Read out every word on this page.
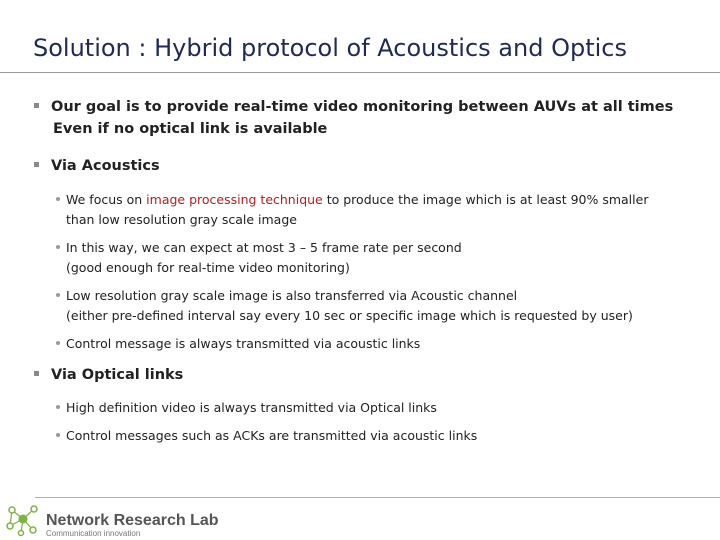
Solution : Hybrid protocol of Acoustics and Optics
Our goal is to provide real-time video monitoring between AUVs at all times
Even if no optical link is available
Via Acoustics
We focus on image processing technique to produce the image which is at least 90% smaller
than low resolution gray scale image
In this way, we can expect at most 3 – 5 frame rate per second
(good enough for real-time video monitoring)
Low resolution gray scale image is also transferred via Acoustic channel
(either pre-defined interval say every 10 sec or specific image which is requested by user)
Control message is always transmitted via acoustic links
Via Optical links
High definition video is always transmitted via Optical links
Control messages such as ACKs are transmitted via acoustic links
Network Research Lab
Communication innovation
